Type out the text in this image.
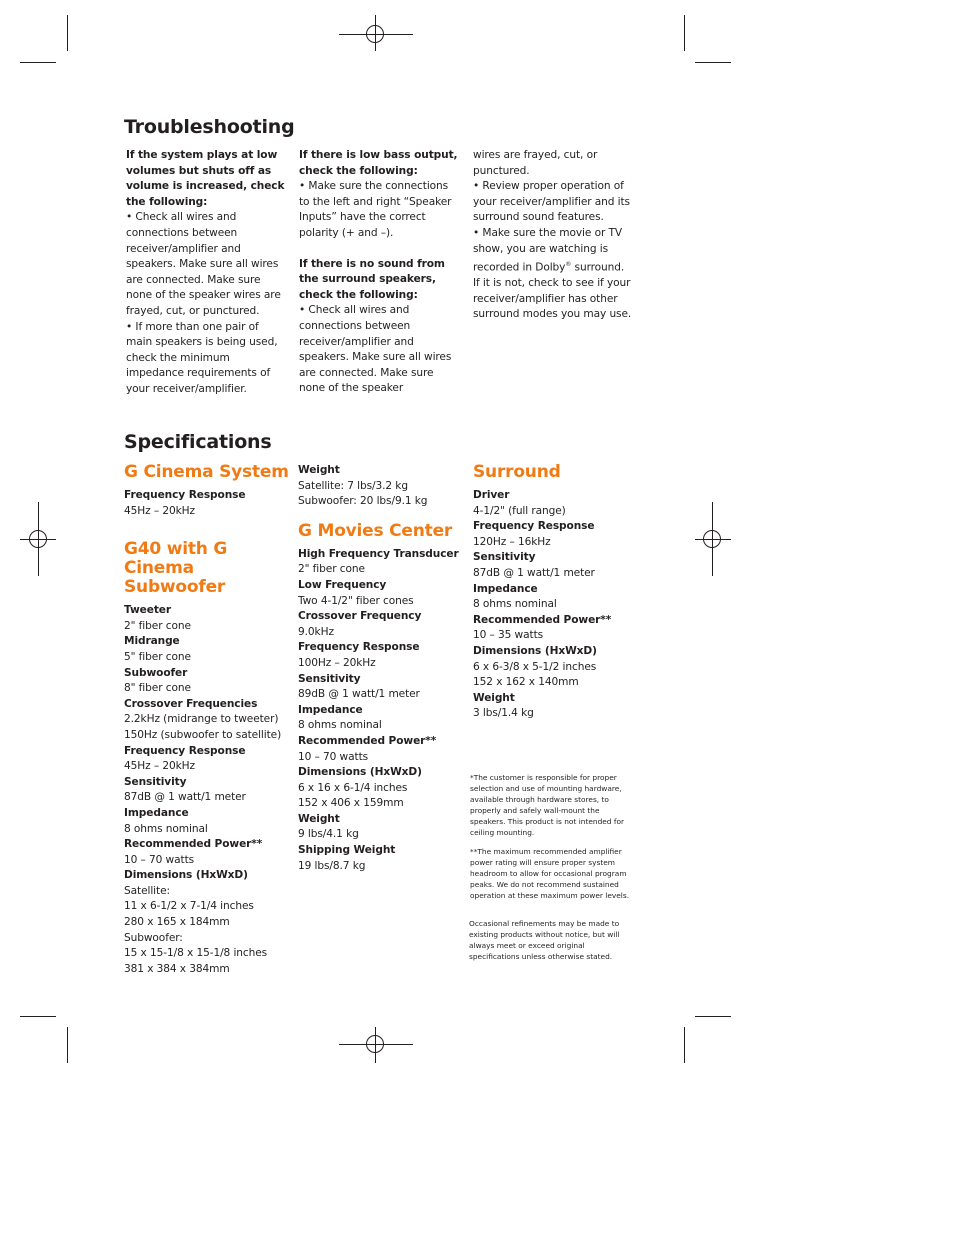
Troubleshooting

If the system plays at low volumes but shuts off as volume is increased, check the following:

• Check all wires and connections between receiver/amplifier and speakers. Make sure all wires are connected. Make sure none of the speaker wires are frayed, cut, or punctured.

• If more than one pair of main speakers is being used, check the minimum impedance requirements of your receiver/amplifier.

If there is low bass output, check the following:

• Make sure the connections to the left and right “Speaker Inputs” have the correct polarity (+ and –).

If there is no sound from the surround speakers, check the following:

• Check all wires and connections between receiver/amplifier and speakers. Make sure all wires are connected. Make sure none of the speaker

wires are frayed, cut, or punctured.

• Review proper operation of your receiver/amplifier and its surround sound features.

• Make sure the movie or TV show, you are watching is recorded in Dolby® surround. If it is not, check to see if your receiver/amplifier has other surround modes you may use.

Specifications
G Cinema System

Frequency Response

45Hz – 20kHz

G40 with G Cinema
Subwoofer

Tweeter

2" fiber cone

Midrange

5" fiber cone

Subwoofer

8" fiber cone

Crossover Frequencies

2.2kHz (midrange to tweeter)

150Hz (subwoofer to satellite)

Frequency Response

45Hz – 20kHz

Sensitivity

87dB @ 1 watt/1 meter

Impedance

8 ohms nominal

Recommended Power**

10 – 70 watts

Dimensions (HxWxD)

Satellite:

11 x 6-1/2 x 7-1/4 inches

280 x 165 x 184mm

Subwoofer:

15 x 15-1/8 x 15-1/8 inches

381 x 384 x 384mm

Weight

Satellite: 7 lbs/3.2 kg

Subwoofer: 20 lbs/9.1 kg

G Movies Center

High Frequency Transducer

2" fiber cone

Low Frequency

Two 4-1/2" fiber cones

Crossover Frequency

9.0kHz

Frequency Response

100Hz – 20kHz

Sensitivity

89dB @ 1 watt/1 meter

Impedance

8 ohms nominal

Recommended Power**

10 – 70 watts

Dimensions (HxWxD)

6 x 16 x 6-1/4 inches

152 x 406 x 159mm

Weight

9 lbs/4.1 kg

Shipping Weight

19 lbs/8.7 kg

Surround

Driver

4-1/2" (full range)

Frequency Response

120Hz – 16kHz

Sensitivity

87dB @ 1 watt/1 meter

Impedance

8 ohms nominal

Recommended Power**

10 – 35 watts

Dimensions (HxWxD)

6 x 6-3/8 x 5-1/2 inches

152 x 162 x 140mm

Weight

3 lbs/1.4 kg

*The customer is responsible for proper selection and use of mounting hardware, available through hardware stores, to properly and safely wall-mount the speakers. This product is not intended for ceiling mounting.

**The maximum recommended amplifier power rating will ensure proper system headroom to allow for occasional program peaks. We do not recommend sustained operation at these maximum power levels.

Occasional refinements may be made to existing products without notice, but will always meet or exceed original specifications unless otherwise stated.
